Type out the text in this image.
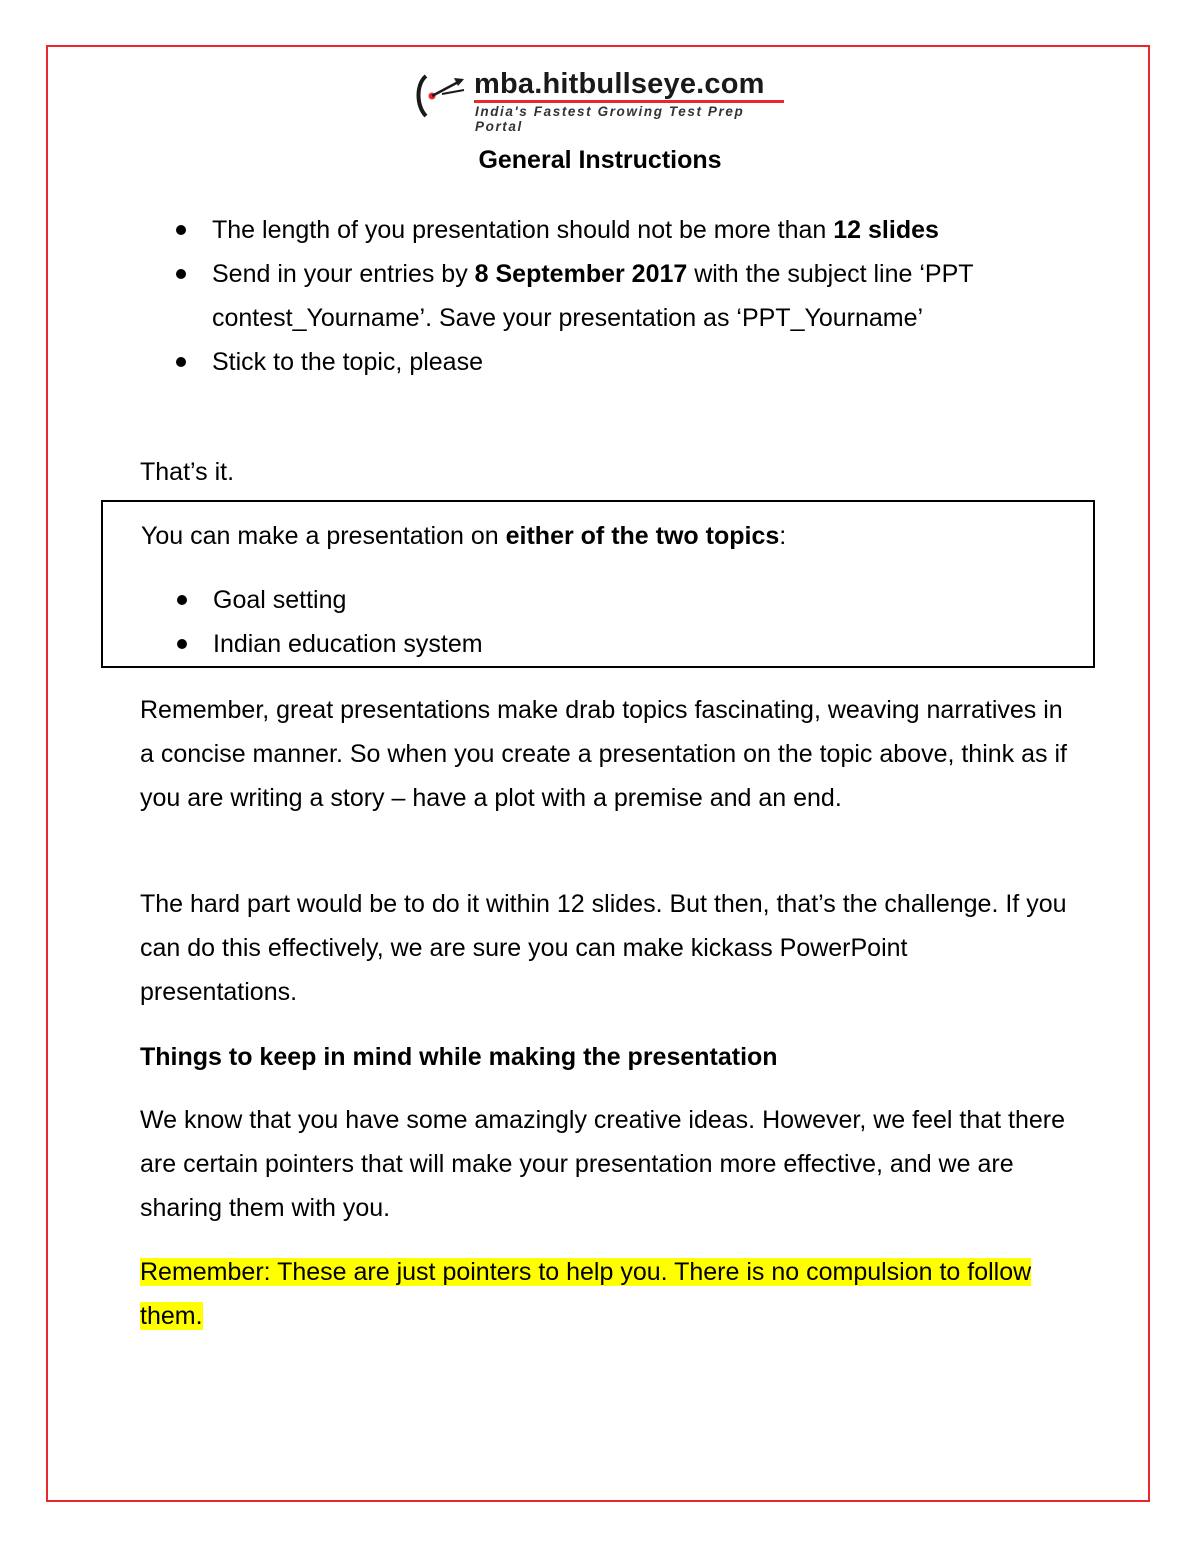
mba.hitbullseye.com
India's Fastest Growing Test Prep Portal
General Instructions
The length of you presentation should not be more than 12 slides
Send in your entries by 8 September 2017 with the subject line ‘PPT contest_Yourname’. Save your presentation as ‘PPT_Yourname’
Stick to the topic, please

That’s it.

You can make a presentation on either of the two topics:
Goal setting
Indian education system

Remember, great presentations make drab topics fascinating, weaving narratives in a concise manner. So when you create a presentation on the topic above, think as if you are writing a story – have a plot with a premise and an end.

The hard part would be to do it within 12 slides. But then, that’s the challenge. If you can do this effectively, we are sure you can make kickass PowerPoint presentations.

Things to keep in mind while making the presentation

We know that you have some amazingly creative ideas. However, we feel that there are certain pointers that will make your presentation more effective, and we are sharing them with you.

Remember: These are just pointers to help you. There is no compulsion to follow them.
